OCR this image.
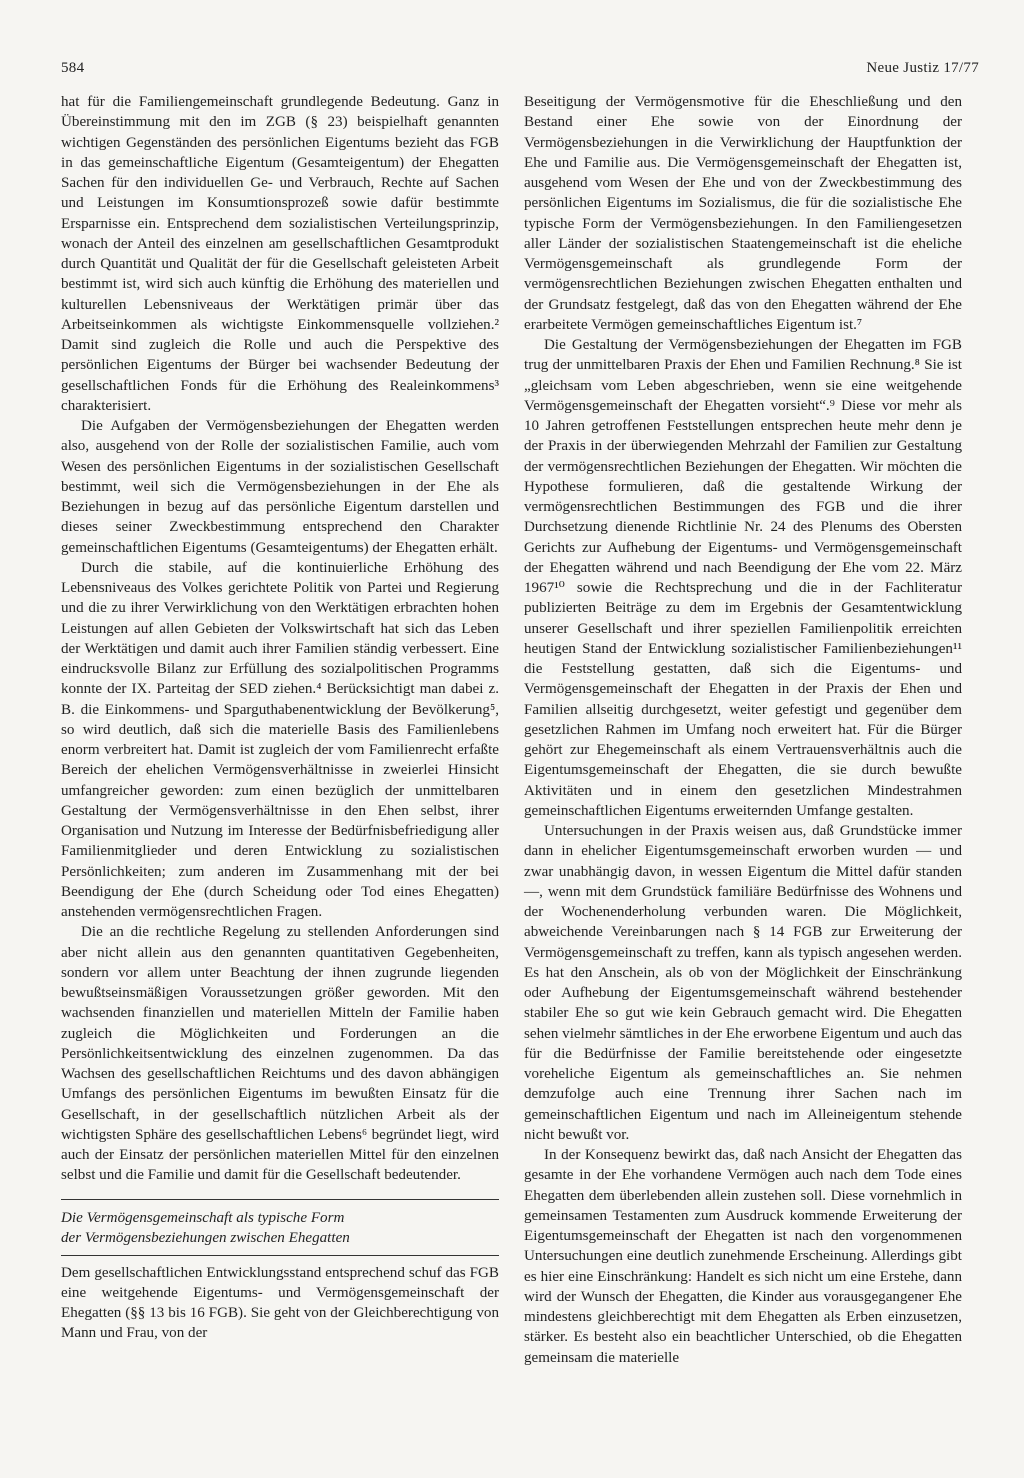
584	Neue Justiz 17/77

hat für die Familiengemeinschaft grundlegende Bedeutung. Ganz in Übereinstimmung mit den im ZGB (§ 23) beispielhaft genannten wichtigen Gegenständen des persönlichen Eigentums bezieht das FGB in das gemeinschaftliche Eigentum (Gesamteigentum) der Ehegatten Sachen für den individuellen Ge- und Verbrauch, Rechte auf Sachen und Leistungen im Konsumtionsprozeß sowie dafür bestimmte Ersparnisse ein. Entsprechend dem sozialistischen Verteilungsprinzip, wonach der Anteil des einzelnen am gesellschaftlichen Gesamtprodukt durch Quantität und Qualität der für die Gesellschaft geleisteten Arbeit bestimmt ist, wird sich auch künftig die Erhöhung des materiellen und kulturellen Lebensniveaus der Werktätigen primär über das Arbeitseinkommen als wichtigste Einkommensquelle vollziehen.² Damit sind zugleich die Rolle und auch die Perspektive des persönlichen Eigentums der Bürger bei wachsender Bedeutung der gesellschaftlichen Fonds für die Erhöhung des Realeinkommens³ charakterisiert.

Die Aufgaben der Vermögensbeziehungen der Ehegatten werden also, ausgehend von der Rolle der sozialistischen Familie, auch vom Wesen des persönlichen Eigentums in der sozialistischen Gesellschaft bestimmt, weil sich die Vermögensbeziehungen in der Ehe als Beziehungen in bezug auf das persönliche Eigentum darstellen und dieses seiner Zweckbestimmung entsprechend den Charakter gemeinschaftlichen Eigentums (Gesamteigentums) der Ehegatten erhält.

Durch die stabile, auf die kontinuierliche Erhöhung des Lebensniveaus des Volkes gerichtete Politik von Partei und Regierung und die zu ihrer Verwirklichung von den Werktätigen erbrachten hohen Leistungen auf allen Gebieten der Volkswirtschaft hat sich das Leben der Werktätigen und damit auch ihrer Familien ständig verbessert. Eine eindrucksvolle Bilanz zur Erfüllung des sozialpolitischen Programms konnte der IX. Parteitag der SED ziehen.⁴ Berücksichtigt man dabei z. B. die Einkommens- und Sparguthabenentwicklung der Bevölkerung⁵, so wird deutlich, daß sich die materielle Basis des Familienlebens enorm verbreitert hat. Damit ist zugleich der vom Familienrecht erfaßte Bereich der ehelichen Vermögensverhältnisse in zweierlei Hinsicht umfangreicher geworden: zum einen bezüglich der unmittelbaren Gestaltung der Vermögensverhältnisse in den Ehen selbst, ihrer Organisation und Nutzung im Interesse der Bedürfnisbefriedigung aller Familienmitglieder und deren Entwicklung zu sozialistischen Persönlichkeiten; zum anderen im Zusammenhang mit der bei Beendigung der Ehe (durch Scheidung oder Tod eines Ehegatten) anstehenden vermögensrechtlichen Fragen.

Die an die rechtliche Regelung zu stellenden Anforderungen sind aber nicht allein aus den genannten quantitativen Gegebenheiten, sondern vor allem unter Beachtung der ihnen zugrunde liegenden bewußtseinsmäßigen Voraussetzungen größer geworden. Mit den wachsenden finanziellen und materiellen Mitteln der Familie haben zugleich die Möglichkeiten und Forderungen an die Persönlichkeitsentwicklung des einzelnen zugenommen. Da das Wachsen des gesellschaftlichen Reichtums und des davon abhängigen Umfangs des persönlichen Eigentums im bewußten Einsatz für die Gesellschaft, in der gesellschaftlich nützlichen Arbeit als der wichtigsten Sphäre des gesellschaftlichen Lebens⁶ begründet liegt, wird auch der Einsatz der persönlichen materiellen Mittel für den einzelnen selbst und die Familie und damit für die Gesellschaft bedeutender.

Die Vermögensgemeinschaft als typische Form
der Vermögensbeziehungen zwischen Ehegatten

Dem gesellschaftlichen Entwicklungsstand entsprechend schuf das FGB eine weitgehende Eigentums- und Vermögensgemeinschaft der Ehegatten (§§ 13 bis 16 FGB). Sie geht von der Gleichberechtigung von Mann und Frau, von der

Beseitigung der Vermögensmotive für die Eheschließung und den Bestand einer Ehe sowie von der Einordnung der Vermögensbeziehungen in die Verwirklichung der Hauptfunktion der Ehe und Familie aus. Die Vermögensgemeinschaft der Ehegatten ist, ausgehend vom Wesen der Ehe und von der Zweckbestimmung des persönlichen Eigentums im Sozialismus, die für die sozialistische Ehe typische Form der Vermögensbeziehungen. In den Familiengesetzen aller Länder der sozialistischen Staatengemeinschaft ist die eheliche Vermögensgemeinschaft als grundlegende Form der vermögensrechtlichen Beziehungen zwischen Ehegatten enthalten und der Grundsatz festgelegt, daß das von den Ehegatten während der Ehe erarbeitete Vermögen gemeinschaftliches Eigentum ist.⁷

Die Gestaltung der Vermögensbeziehungen der Ehegatten im FGB trug der unmittelbaren Praxis der Ehen und Familien Rechnung.⁸ Sie ist „gleichsam vom Leben abgeschrieben, wenn sie eine weitgehende Vermögensgemeinschaft der Ehegatten vorsieht“.⁹ Diese vor mehr als 10 Jahren getroffenen Feststellungen entsprechen heute mehr denn je der Praxis in der überwiegenden Mehrzahl der Familien zur Gestaltung der vermögensrechtlichen Beziehungen der Ehegatten. Wir möchten die Hypothese formulieren, daß die gestaltende Wirkung der vermögensrechtlichen Bestimmungen des FGB und die ihrer Durchsetzung dienende Richtlinie Nr. 24 des Plenums des Obersten Gerichts zur Aufhebung der Eigentums- und Vermögensgemeinschaft der Ehegatten während und nach Beendigung der Ehe vom 22. März 1967¹⁰ sowie die Rechtsprechung und die in der Fachliteratur publizierten Beiträge zu dem im Ergebnis der Gesamtentwicklung unserer Gesellschaft und ihrer speziellen Familienpolitik erreichten heutigen Stand der Entwicklung sozialistischer Familienbeziehungen¹¹ die Feststellung gestatten, daß sich die Eigentums- und Vermögensgemeinschaft der Ehegatten in der Praxis der Ehen und Familien allseitig durchgesetzt, weiter gefestigt und gegenüber dem gesetzlichen Rahmen im Umfang noch erweitert hat. Für die Bürger gehört zur Ehegemeinschaft als einem Vertrauensverhältnis auch die Eigentumsgemeinschaft der Ehegatten, die sie durch bewußte Aktivitäten und in einem den gesetzlichen Mindestrahmen gemeinschaftlichen Eigentums erweiternden Umfange gestalten.

Untersuchungen in der Praxis weisen aus, daß Grundstücke immer dann in ehelicher Eigentumsgemeinschaft erworben wurden — und zwar unabhängig davon, in wessen Eigentum die Mittel dafür standen —, wenn mit dem Grundstück familiäre Bedürfnisse des Wohnens und der Wochenenderholung verbunden waren. Die Möglichkeit, abweichende Vereinbarungen nach § 14 FGB zur Erweiterung der Vermögensgemeinschaft zu treffen, kann als typisch angesehen werden. Es hat den Anschein, als ob von der Möglichkeit der Einschränkung oder Aufhebung der Eigentumsgemeinschaft während bestehender stabiler Ehe so gut wie kein Gebrauch gemacht wird. Die Ehegatten sehen vielmehr sämtliches in der Ehe erworbene Eigentum und auch das für die Bedürfnisse der Familie bereitstehende oder eingesetzte voreheliche Eigentum als gemeinschaftliches an. Sie nehmen demzufolge auch eine Trennung ihrer Sachen nach im gemeinschaftlichen Eigentum und nach im Alleineigentum stehende nicht bewußt vor.

In der Konsequenz bewirkt das, daß nach Ansicht der Ehegatten das gesamte in der Ehe vorhandene Vermögen auch nach dem Tode eines Ehegatten dem überlebenden allein zustehen soll. Diese vornehmlich in gemeinsamen Testamenten zum Ausdruck kommende Erweiterung der Eigentumsgemeinschaft der Ehegatten ist nach den vorgenommenen Untersuchungen eine deutlich zunehmende Erscheinung. Allerdings gibt es hier eine Einschränkung: Handelt es sich nicht um eine Erstehe, dann wird der Wunsch der Ehegatten, die Kinder aus vorausgegangener Ehe mindestens gleichberechtigt mit dem Ehegatten als Erben einzusetzen, stärker. Es besteht also ein beachtlicher Unterschied, ob die Ehegatten gemeinsam die materielle
